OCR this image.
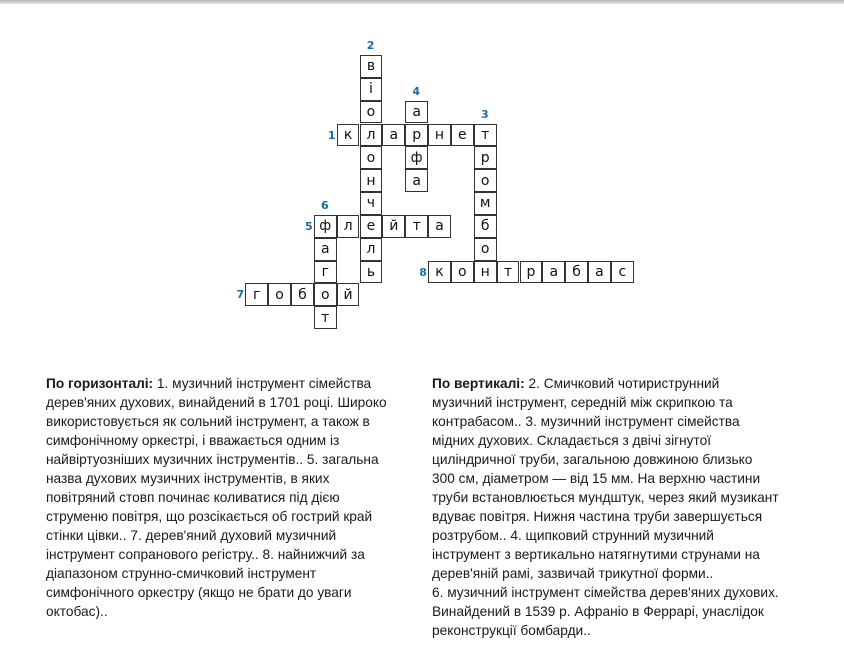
1
2
3
4
5
6
7
8
к	л	а	р н е	т
в
і
о
о
н
ч
е
л
ь
р
о
м
б
о
н
а
ф
а
ф л	й	т	а
а
г
о
т
г	о	б	й
к	о	т	р	а	б	а	с
По горизонталі: 1. музичний інструмент сімейства
дерев'яних духових, винайдений в 1701 році. Широко
використовується як сольний інструмент, а також в
симфонічному оркестрі, і вважається одним із
найвіртуозніших музичних інструментів.. 5. загальна
назва духових музичних інструментів, в яких
повітряний стовп починає коливатися під дією
струменю повітря, що розсікається об гострий край
стінки цівки.. 7. дерев'яний духовий музичний
інструмент сопранового регістру.. 8. найнижчий за
діапазоном струнно-смичковий інструмент
симфонічного оркестру (якщо не брати до уваги
октобас)..
По вертикалі: 2. Смичковий чотириструнний
музичний інструмент, середній між скрипкою та
контрабасом.. 3. музичний інструмент сімейства
мідних духових. Складається з двічі зігнутої
циліндричної труби, загальною довжиною близько
300 см, діаметром — від 15 мм. На верхню частини
труби встановлюється мундштук, через який музикант
вдуває повітря. Нижня частина труби завершується
розтрубом.. 4. щипковий струнний музичний
інструмент з вертикально натягнутими струнами на
дерев'яній рамі, зазвичай трикутної форми..
6. музичний інструмент сімейства дерев'яних духових.
Винайдений в 1539 р. Афраніо в Феррарі, унаслідок
реконструкції бомбарди..
